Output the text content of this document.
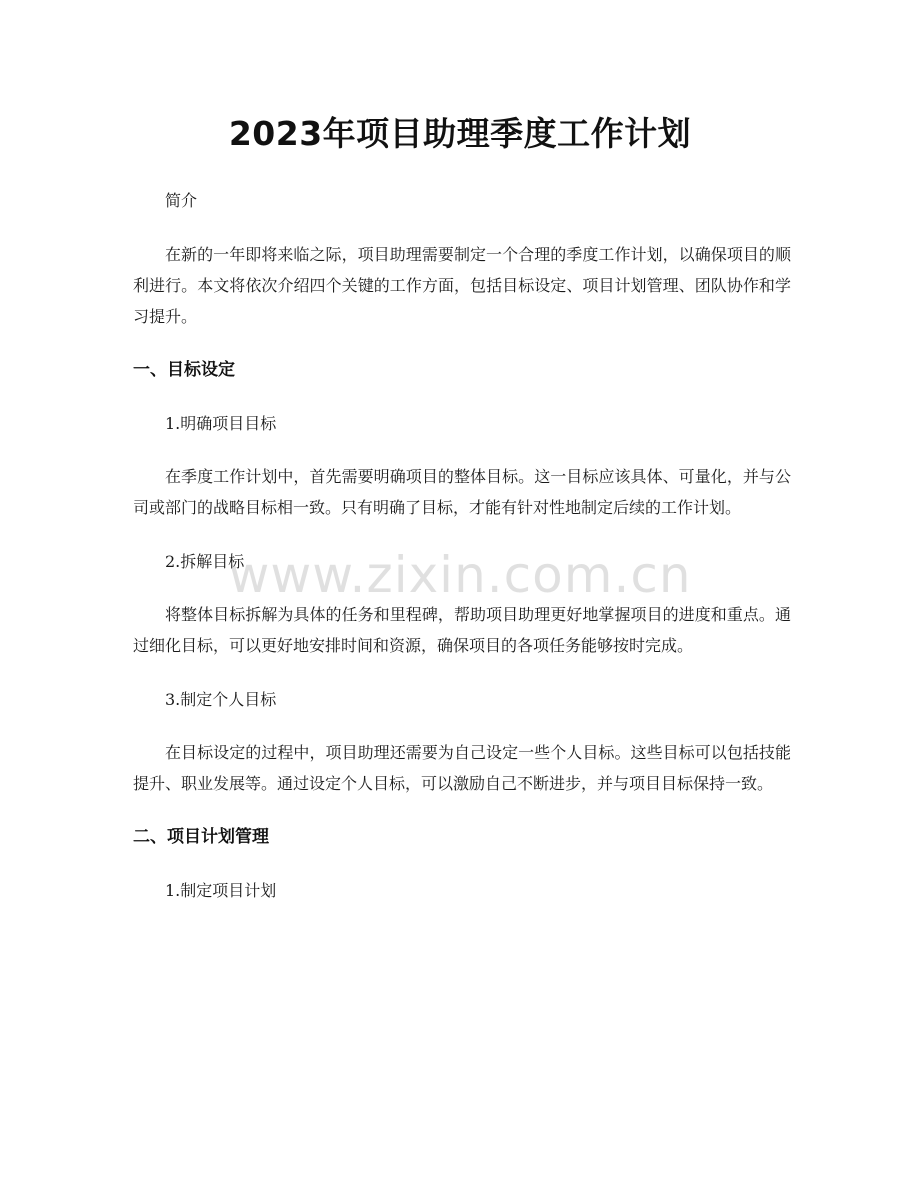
2023年项目助理季度工作计划
www.zixin.com.cn

简介

在新的一年即将来临之际，项目助理需要制定一个合理的季度工作计划，以确保项目的顺利进行。本文将依次介绍四个关键的工作方面，包括目标设定、项目计划管理、团队协作和学习提升。

一、目标设定

1.明确项目目标

在季度工作计划中，首先需要明确项目的整体目标。这一目标应该具体、可量化，并与公司或部门的战略目标相一致。只有明确了目标，才能有针对性地制定后续的工作计划。

2.拆解目标

将整体目标拆解为具体的任务和里程碑，帮助项目助理更好地掌握项目的进度和重点。通过细化目标，可以更好地安排时间和资源，确保项目的各项任务能够按时完成。

3.制定个人目标

在目标设定的过程中，项目助理还需要为自己设定一些个人目标。这些目标可以包括技能提升、职业发展等。通过设定个人目标，可以激励自己不断进步，并与项目目标保持一致。

二、项目计划管理

1.制定项目计划
